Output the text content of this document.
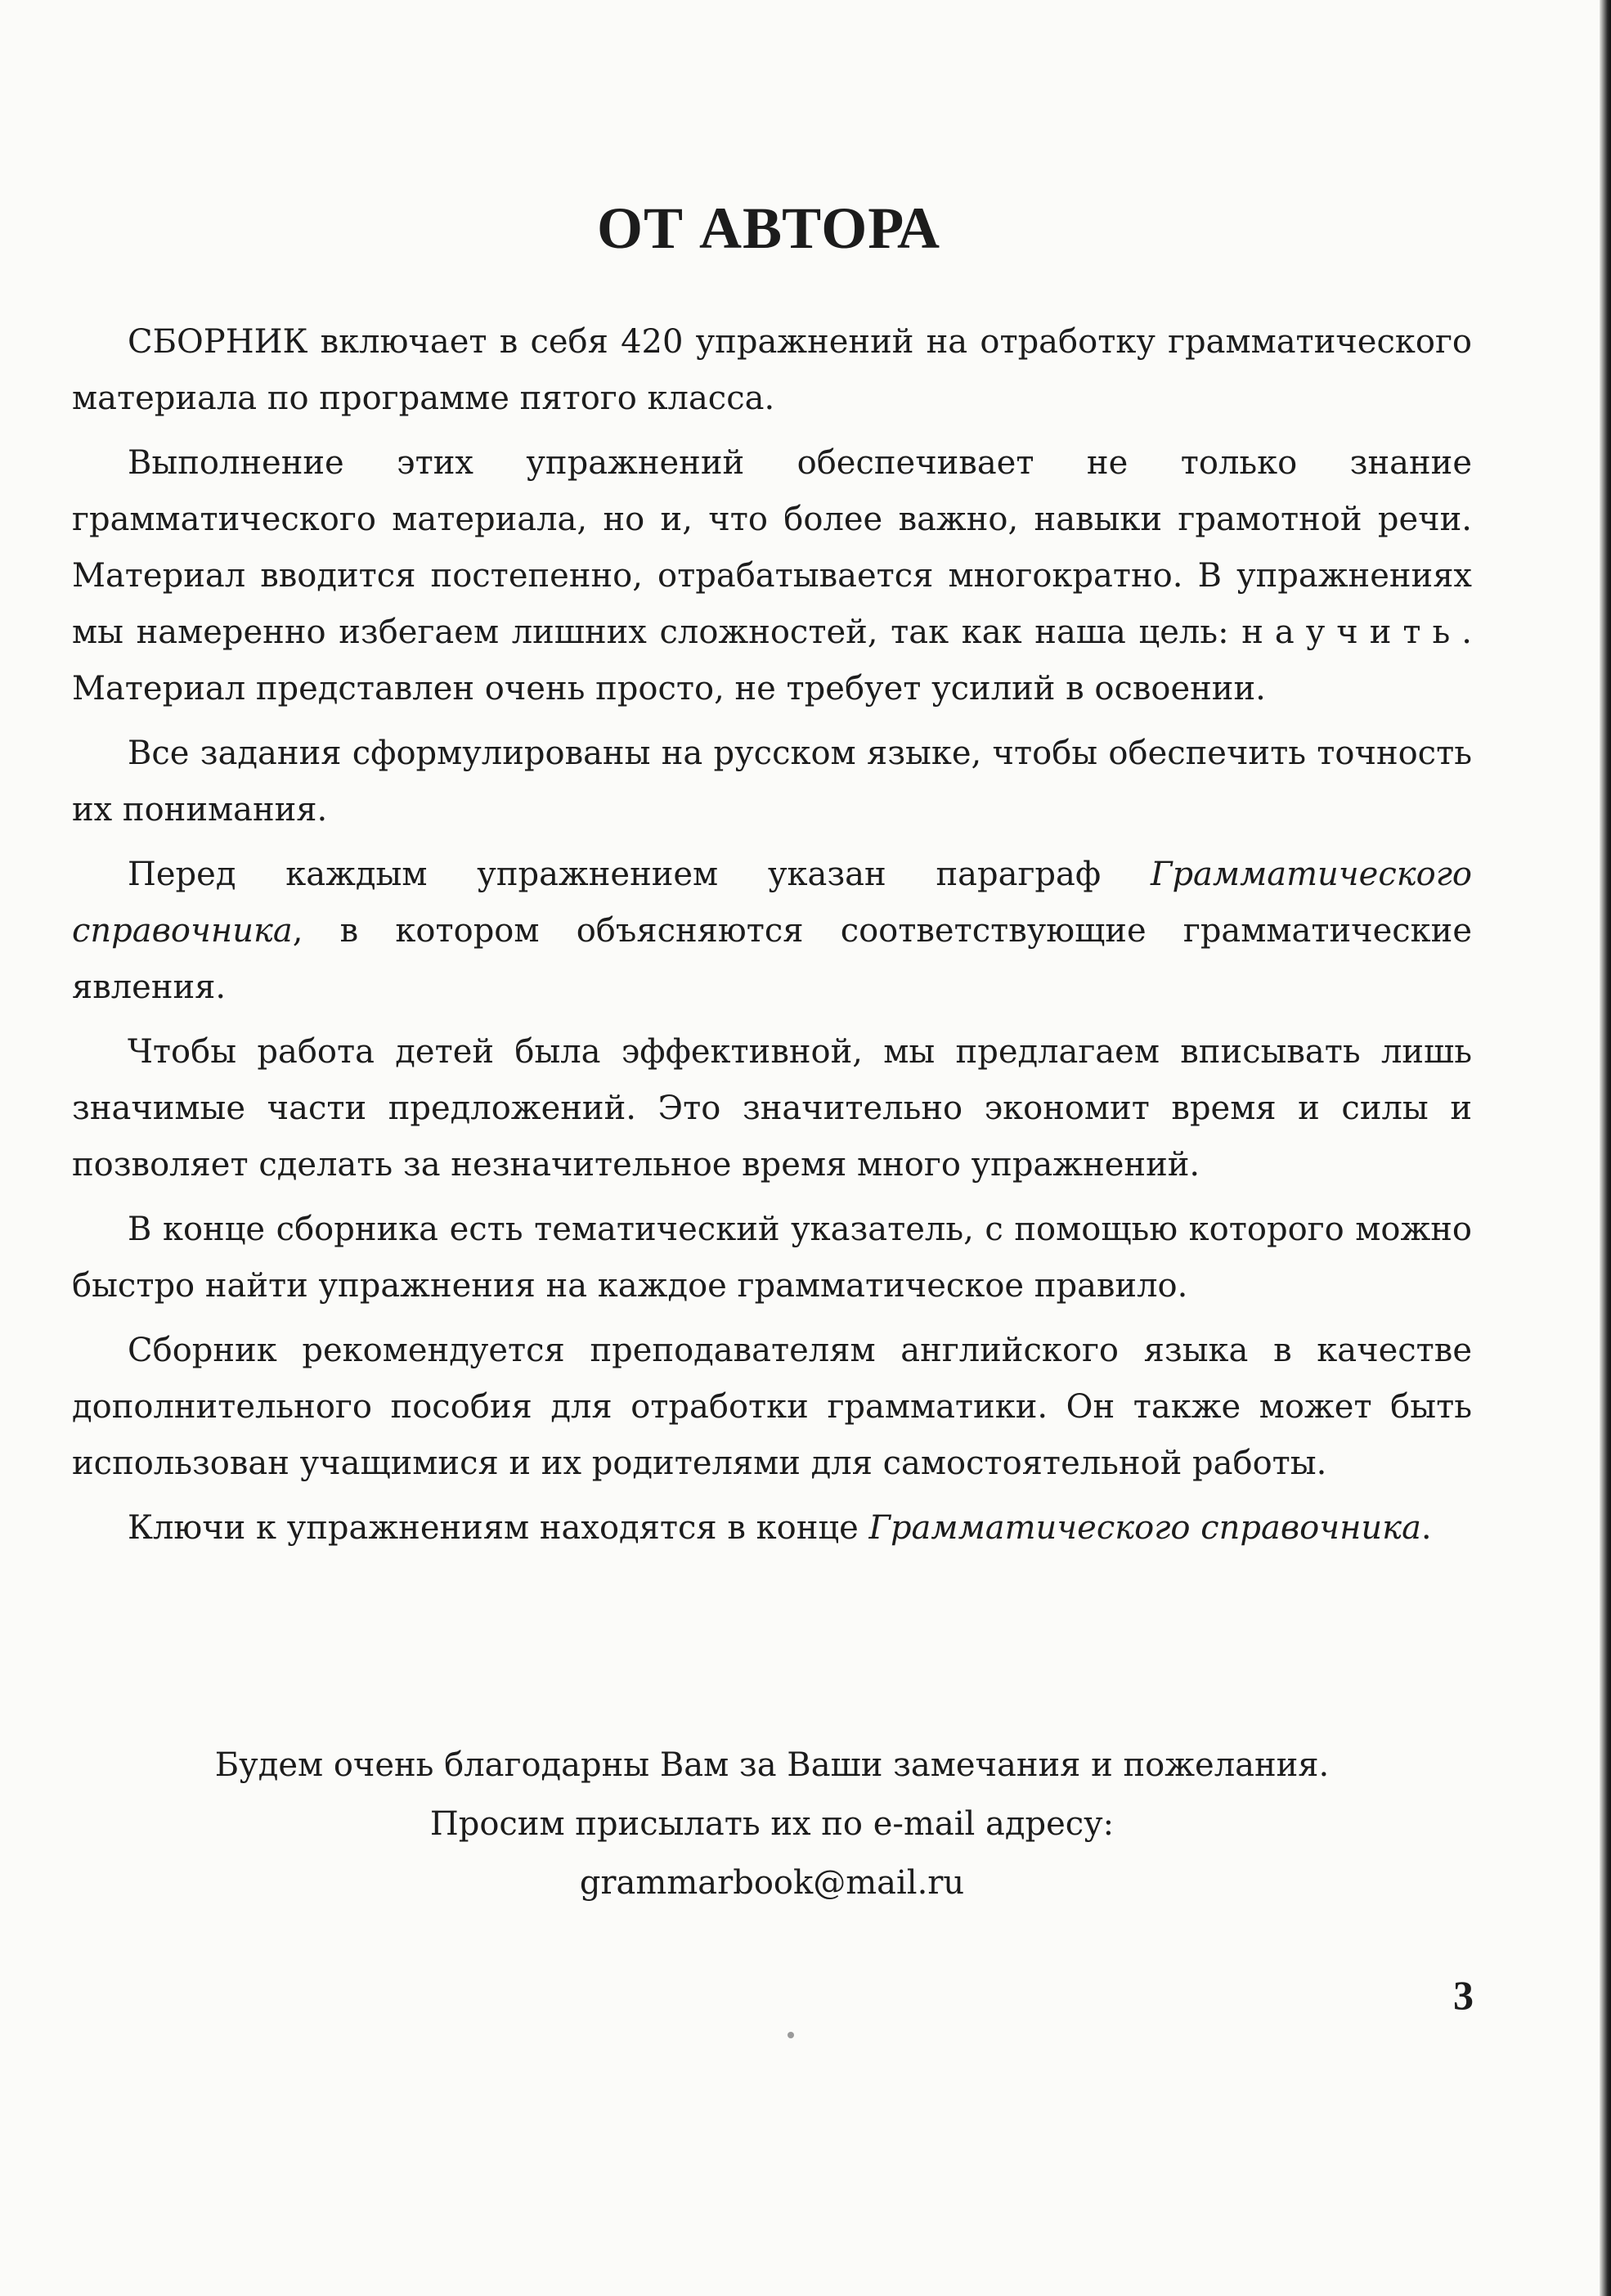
ОТ АВТОРА

СБОРНИК включает в себя 420 упражнений на отработку грамматического материала по программе пятого класса.

Выполнение этих упражнений обеспечивает не только знание грамматического материала, но и, что более важно, навыки грамотной речи. Материал вводится постепенно, отрабатывается многократно. В упражнениях мы намеренно избегаем лишних сложностей, так как наша цель: научить. Материал представлен очень просто, не требует усилий в освоении.

Все задания сформулированы на русском языке, чтобы обеспечить точность их понимания.

Перед каждым упражнением указан параграф Грамматического справочника, в котором объясняются соответствующие грамматические явления.

Чтобы работа детей была эффективной, мы предлагаем вписывать лишь значимые части предложений. Это значительно экономит время и силы и позволяет сделать за незначительное время много упражнений.

В конце сборника есть тематический указатель, с помощью которого можно быстро найти упражнения на каждое грамматическое правило.

Сборник рекомендуется преподавателям английского языка в качестве дополнительного пособия для отработки грамматики. Он также может быть использован учащимися и их родителями для самостоятельной работы.

Ключи к упражнениям находятся в конце Грамматического справочника.

Будем очень благодарны Вам за Ваши замечания и пожелания.

Просим присылать их по e-mail адресу:

grammarbook@mail.ru

3
